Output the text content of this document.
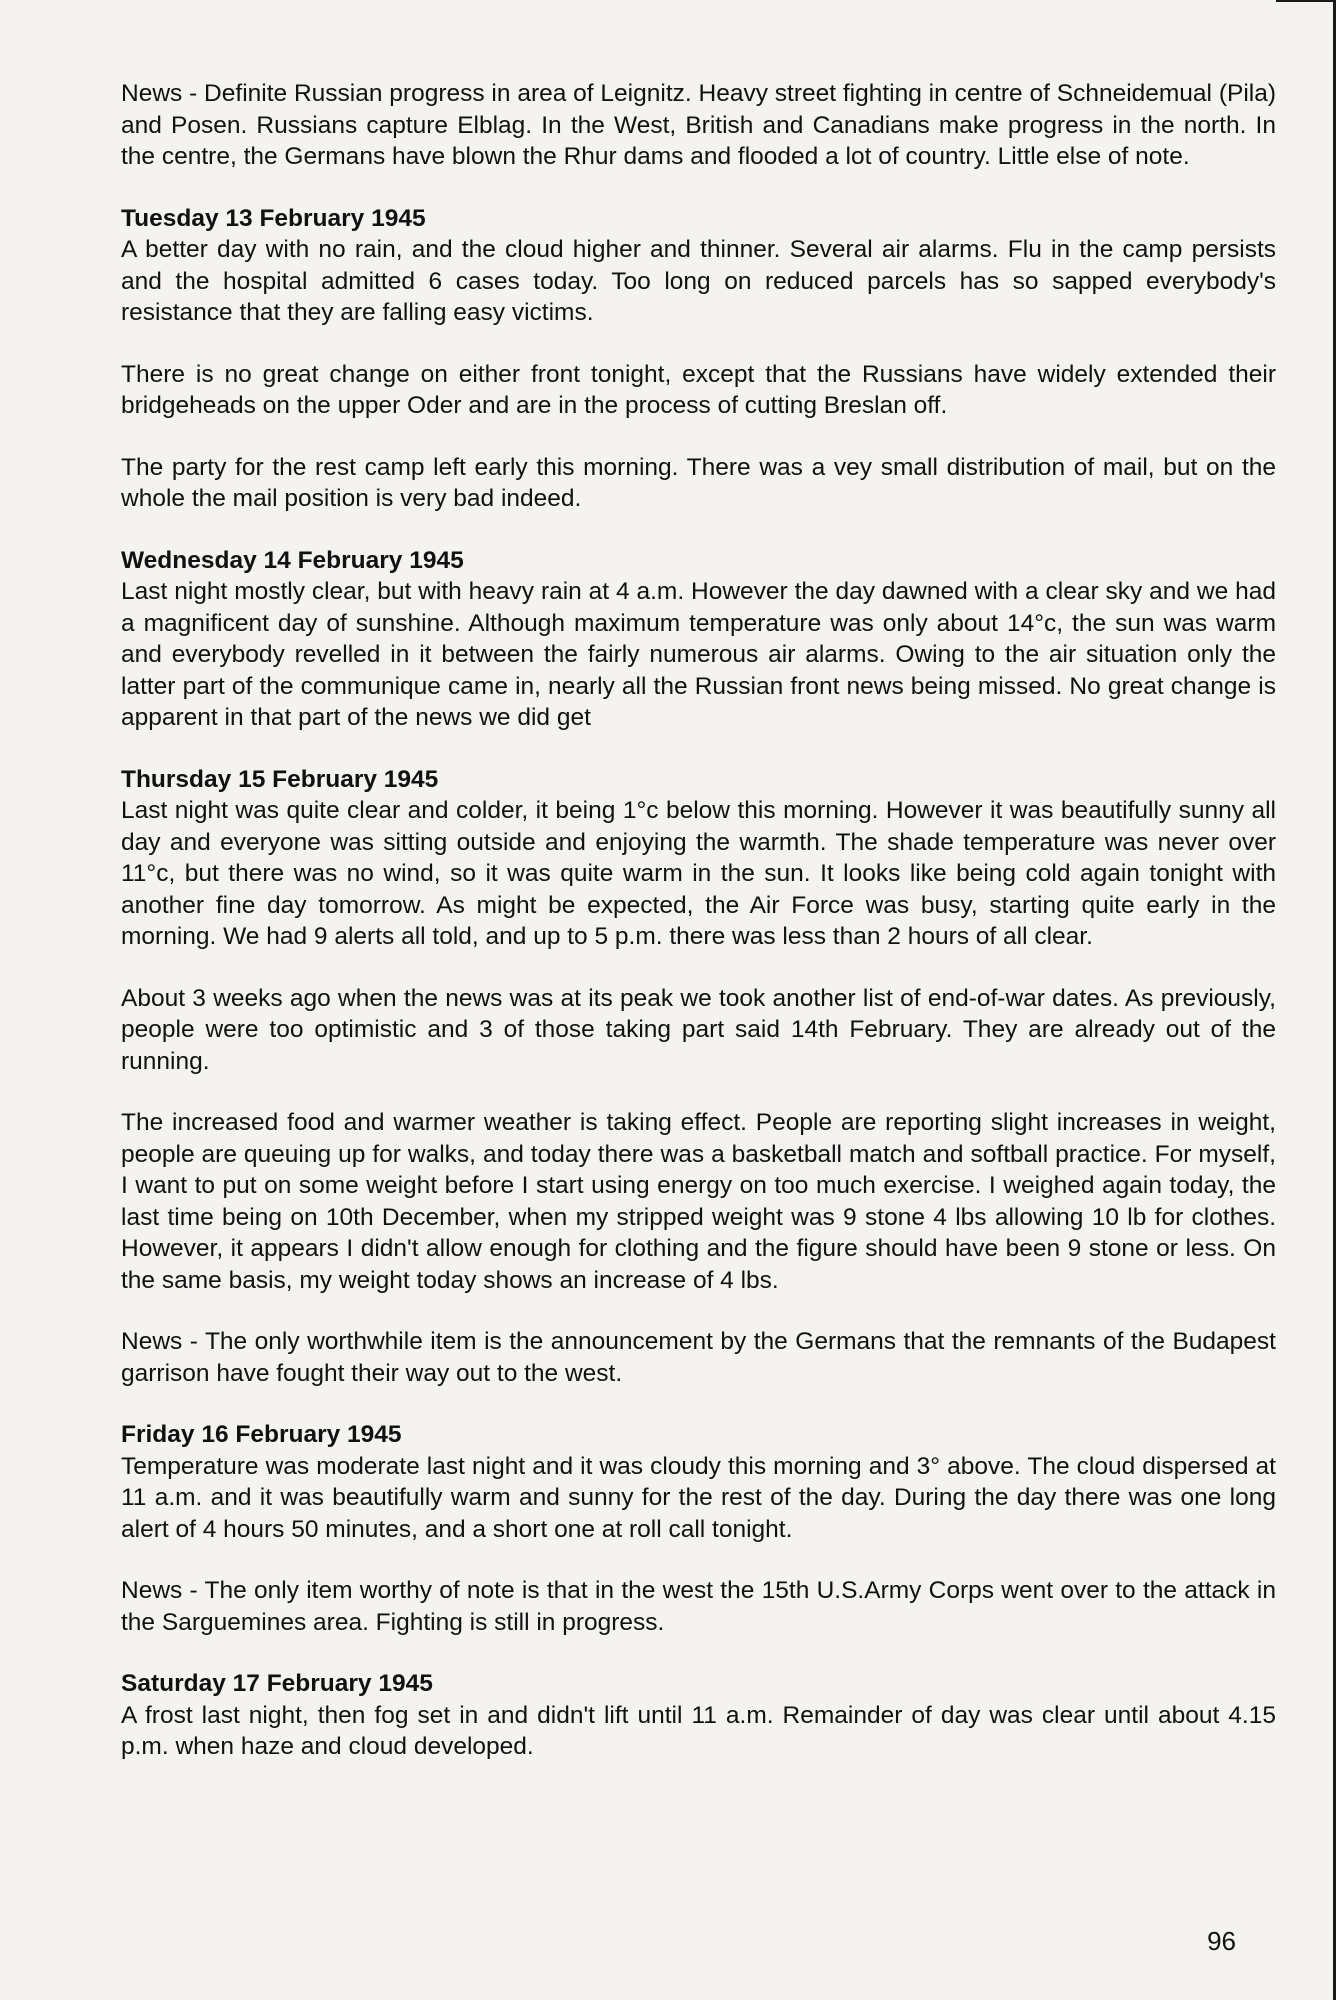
News - Definite Russian progress in area of Leignitz. Heavy street fighting in centre of Schneidemual (Pila) and Posen. Russians capture Elblag. In the West, British and Canadians make progress in the north. In the centre, the Germans have blown the Rhur dams and flooded a lot of country. Little else of note.

Tuesday 13 February 1945

A better day with no rain, and the cloud higher and thinner. Several air alarms. Flu in the camp persists and the hospital admitted 6 cases today. Too long on reduced parcels has so sapped everybody's resistance that they are falling easy victims.

There is no great change on either front tonight, except that the Russians have widely extended their bridgeheads on the upper Oder and are in the process of cutting Breslan off.

The party for the rest camp left early this morning. There was a vey small distribution of mail, but on the whole the mail position is very bad indeed.

Wednesday 14 February 1945

Last night mostly clear, but with heavy rain at 4 a.m. However the day dawned with a clear sky and we had a magnificent day of sunshine. Although maximum temperature was only about 14°c, the sun was warm and everybody revelled in it between the fairly numerous air alarms. Owing to the air situation only the latter part of the communique came in, nearly all the Russian front news being missed. No great change is apparent in that part of the news we did get

Thursday 15 February 1945

Last night was quite clear and colder, it being 1°c below this morning. However it was beautifully sunny all day and everyone was sitting outside and enjoying the warmth. The shade temperature was never over 11°c, but there was no wind, so it was quite warm in the sun. It looks like being cold again tonight with another fine day tomorrow. As might be expected, the Air Force was busy, starting quite early in the morning. We had 9 alerts all told, and up to 5 p.m. there was less than 2 hours of all clear.

About 3 weeks ago when the news was at its peak we took another list of end-of-war dates. As previously, people were too optimistic and 3 of those taking part said 14th February. They are already out of the running.

The increased food and warmer weather is taking effect. People are reporting slight increases in weight, people are queuing up for walks, and today there was a basketball match and softball practice. For myself, I want to put on some weight before I start using energy on too much exercise. I weighed again today, the last time being on 10th December, when my stripped weight was 9 stone 4 lbs allowing 10 lb for clothes. However, it appears I didn't allow enough for clothing and the figure should have been 9 stone or less. On the same basis, my weight today shows an increase of 4 lbs.

News - The only worthwhile item is the announcement by the Germans that the remnants of the Budapest garrison have fought their way out to the west.

Friday 16 February 1945

Temperature was moderate last night and it was cloudy this morning and 3° above. The cloud dispersed at 11 a.m. and it was beautifully warm and sunny for the rest of the day. During the day there was one long alert of 4 hours 50 minutes, and a short one at roll call tonight.

News - The only item worthy of note is that in the west the 15th U.S.Army Corps went over to the attack in the Sarguemines area. Fighting is still in progress.

Saturday 17 February 1945

A frost last night, then fog set in and didn't lift until 11 a.m. Remainder of day was clear until about 4.15 p.m. when haze and cloud developed.

96
